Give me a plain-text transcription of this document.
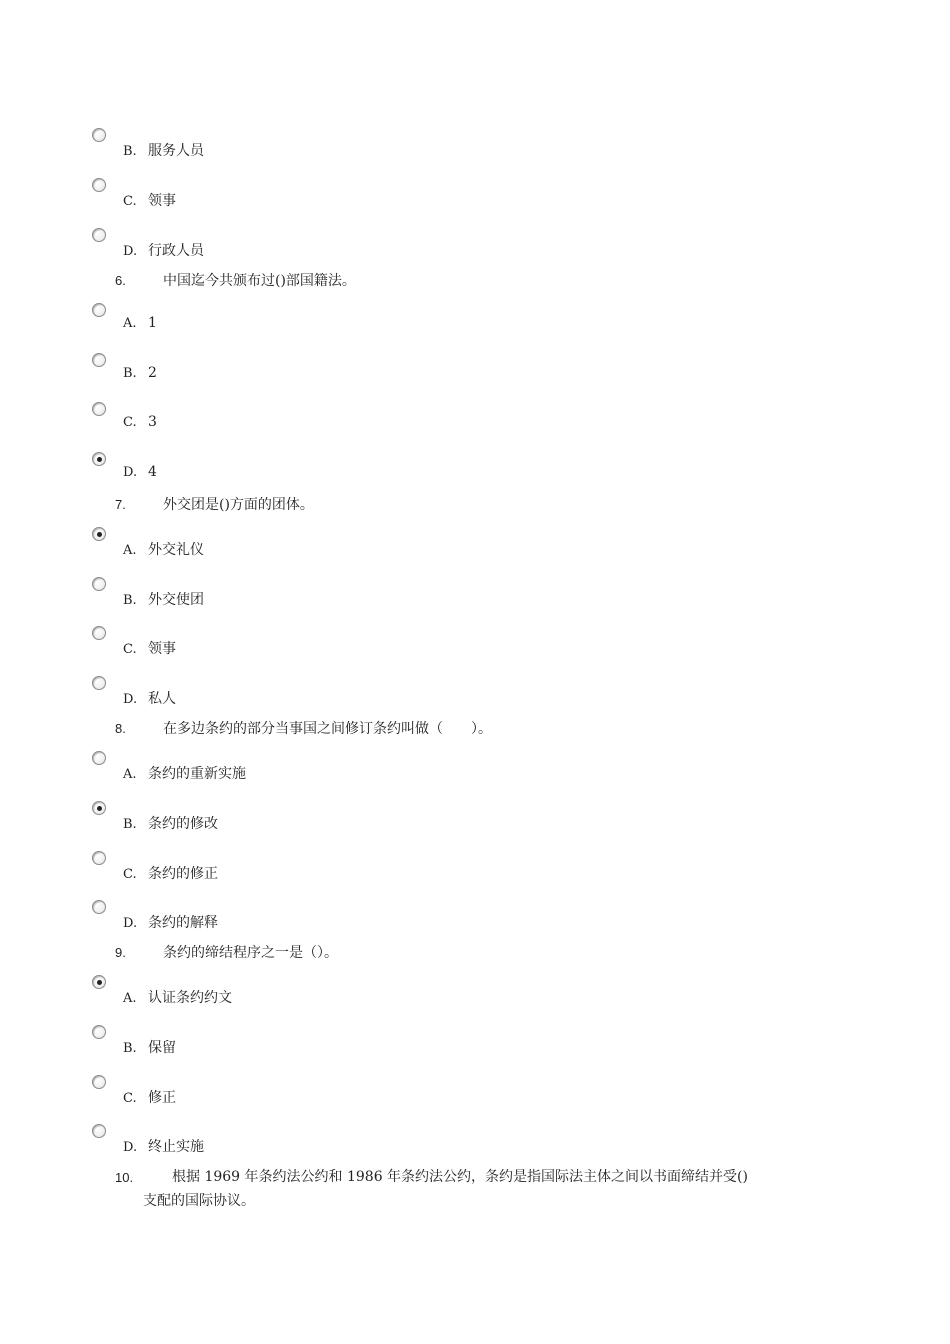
B. 服务人员
C. 领事
D. 行政人员
6.	中国迄今共颁布过()部国籍法。
A. 1
B. 2
C. 3
D. 4
7.	外交团是()方面的团体。
A. 外交礼仪
B. 外交使团
C. 领事
D. 私人
8.	在多边条约的部分当事国之间修订条约叫做（　　）。
A. 条约的重新实施
B. 条约的修改
C. 条约的修正
D. 条约的解释
9.	条约的缔结程序之一是（）。
A. 认证条约约文
B. 保留
C. 修正
D. 终止实施
10.	根据 1969 年条约法公约和 1986 年条约法公约，条约是指国际法主体之间以书面缔结并受()
支配的国际协议。
